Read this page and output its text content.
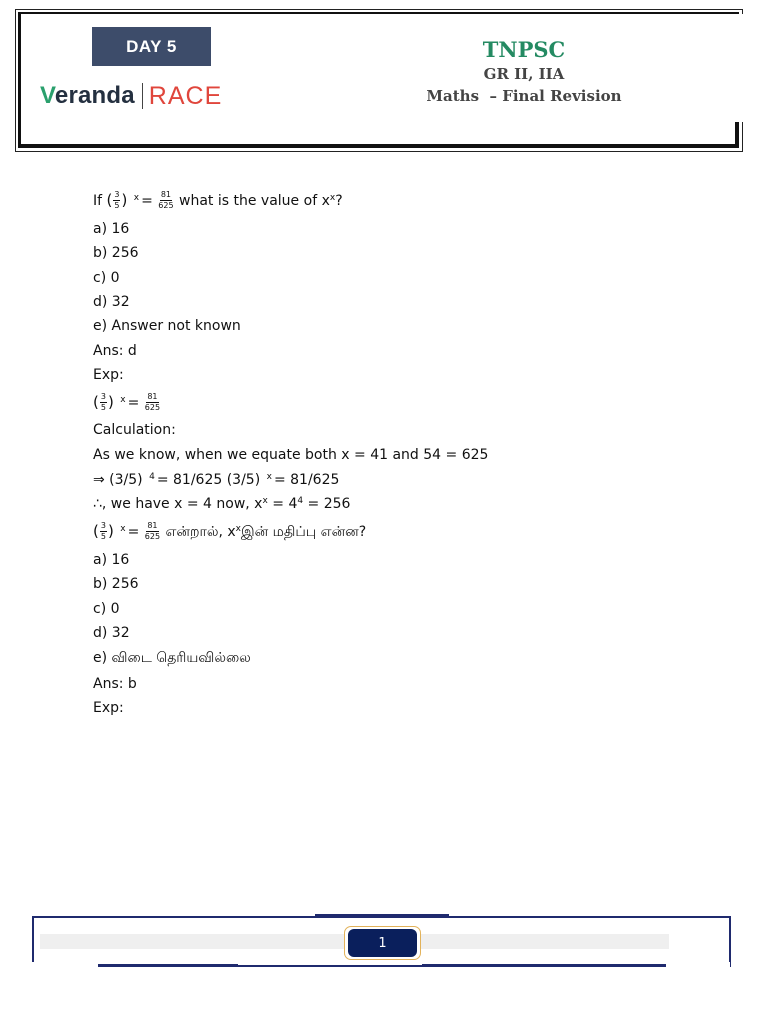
DAY 5
Veranda RACE
TNPSC
GR II, IIA
Maths  – Final Revision
If ( $\frac{3}{5}$ ) $^x = \frac{81}{625}$ what is the value of $x^x$?
a) 16
b) 256
c) 0
d) 32
e) Answer not known
Ans: d
Exp:
( $\frac{3}{5}$ ) $^x = \frac{81}{625}$
Calculation:
As we know, when we equate both x = 41 and 54 = 625
⇒ (3/5) $^4$ = 81/625 (3/5) $^x$ = 81/625
∴, we have x = 4 now, $x^x = 4^4 = 256$
( $\frac{3}{5}$ ) $^x = \frac{81}{625}$ என்றால், $x^xஇன்$ மதிப்பு என்ன?
a) 16
b) 256
c) 0
d) 32
e) விடை தெரியவில்லை
Ans: b
Exp:
1
